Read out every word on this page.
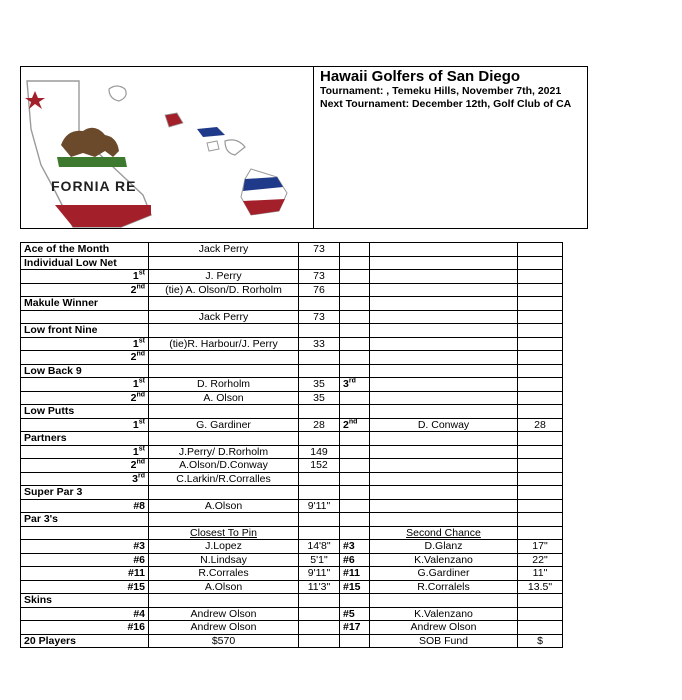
FORNIA RE
Hawaii Golfers of San Diego
Tournament: , Temeku Hills, November 7th, 2021
Next Tournament: December 12th, Golf Club of CA
Ace of the Month	Jack Perry	73			
Individual Low Net					
1st	J. Perry	73			
2nd	(tie) A. Olson/D. Rorholm	76			
Makule Winner					
	Jack Perry	73			
Low front Nine					
1st	(tie)R. Harbour/J. Perry	33			
2nd					
Low Back 9					
1st	D. Rorholm	35	3rd		
2nd	A. Olson	35			
Low Putts					
1st	G. Gardiner	28	2nd	D. Conway	28
Partners					
1st	J.Perry/ D.Rorholm	149			
2nd	A.Olson/D.Conway	152			
3rd	C.Larkin/R.Corralles				
Super Par 3					
#8	A.Olson	9'11"			
Par 3's					
	Closest To Pin			Second Chance	
#3	J.Lopez	14'8"	#3	D.Glanz	17"
#6	N.Lindsay	5'1"	#6	K.Valenzano	22"
#11	R.Corrales	9'11"	#11	G.Gardiner	11"
#15	A.Olson	11'3"	#15	R.Corralels	13.5"
Skins					
#4	Andrew Olson		#5	K.Valenzano	
#16	Andrew Olson		#17	Andrew Olson	
20 Players	$570			SOB Fund	$
